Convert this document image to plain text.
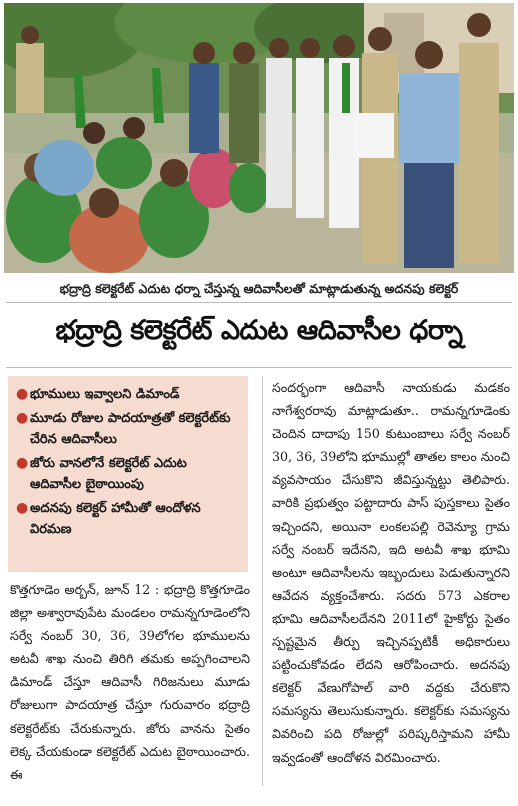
భద్రాద్రి కలెక్టరేట్ ఎదుట ధర్నా చేస్తున్న ఆదివాసీలతో మాట్లాడుతున్న అదనపు కలెక్టర్
భద్రాద్రి కలెక్టరేట్ ఎదుట ఆదివాసీల ధర్నా
● భూములు ఇవ్వాలని డిమాండ్
● మూడు రోజుల పాదయాత్రతో కలెక్టరేట్‌కు చేరిన ఆదివాసీలు
● జోరు వానలోనే కలెక్టరేట్ ఎదుట ఆదివాసీల బైఠాయింపు
● అదనపు కలెక్టర్ హామీతో ఆందోళన విరమణ
కొత్తగూడెం అర్బన్, జూన్ 12 : భద్రాద్రి కొత్తగూడెం జిల్లా అశ్వారావుపేట మండలం రామన్నగూడెంలోని సర్వే నంబర్ 30, 36, 39లోగల భూములను అటవీ శాఖ నుంచి తిరిగి తమకు అప్పగించాలని డిమాండ్ చేస్తూ ఆదివాసీ గిరిజనులు మూడు రోజులుగా పాదయాత్ర చేస్తూ గురువారం భద్రాద్రి కలెక్టరేట్‌కు చేరుకున్నారు. జోరు వానను సైతం లెక్క చేయకుండా కలెక్టరేట్ ఎదుట బైఠాయించారు. ఈ
సందర్భంగా ఆదివాసీ నాయకుడు మడకం నాగేశ్వరరావు మాట్లాడుతూ.. రామన్నగూడెంకు చెందిన దాదాపు 150 కుటుంబాలు సర్వే నంబర్ 30, 36, 39లోని భూముల్లో తాతల కాలం నుంచి వ్యవసాయం చేసుకొని జీవిస్తున్నట్టు తెలిపారు. వారికి ప్రభుత్వం పట్టాదారు పాస్ పుస్తకాలు సైతం ఇచ్చిందని, అయినా లంకలపల్లి రెవెన్యూ గ్రామ సర్వే నంబర్ ఇదేనని, ఇది అటవీ శాఖ భూమి అంటూ ఆదివాసీలను ఇబ్బందులు పెడుతున్నారని ఆవేదన వ్యక్తంచేశారు. సదరు 573 ఎకరాల భూమి ఆదివాసీలదేనని 2011లో హైకోర్టు సైతం స్పష్టమైన తీర్పు ఇచ్చినప్పటికీ అధికారులు పట్టించుకోవడం లేదని ఆరోపించారు. అదనపు కలెక్టర్ వేణుగోపాల్ వారి వద్దకు చేరుకొని సమస్యను తెలుసుకున్నారు. కలెక్టర్‌కు సమస్యను వివరించి పది రోజుల్లో పరిష్కరిస్తామని హామీ ఇవ్వడంతో ఆందోళన విరమించారు.
